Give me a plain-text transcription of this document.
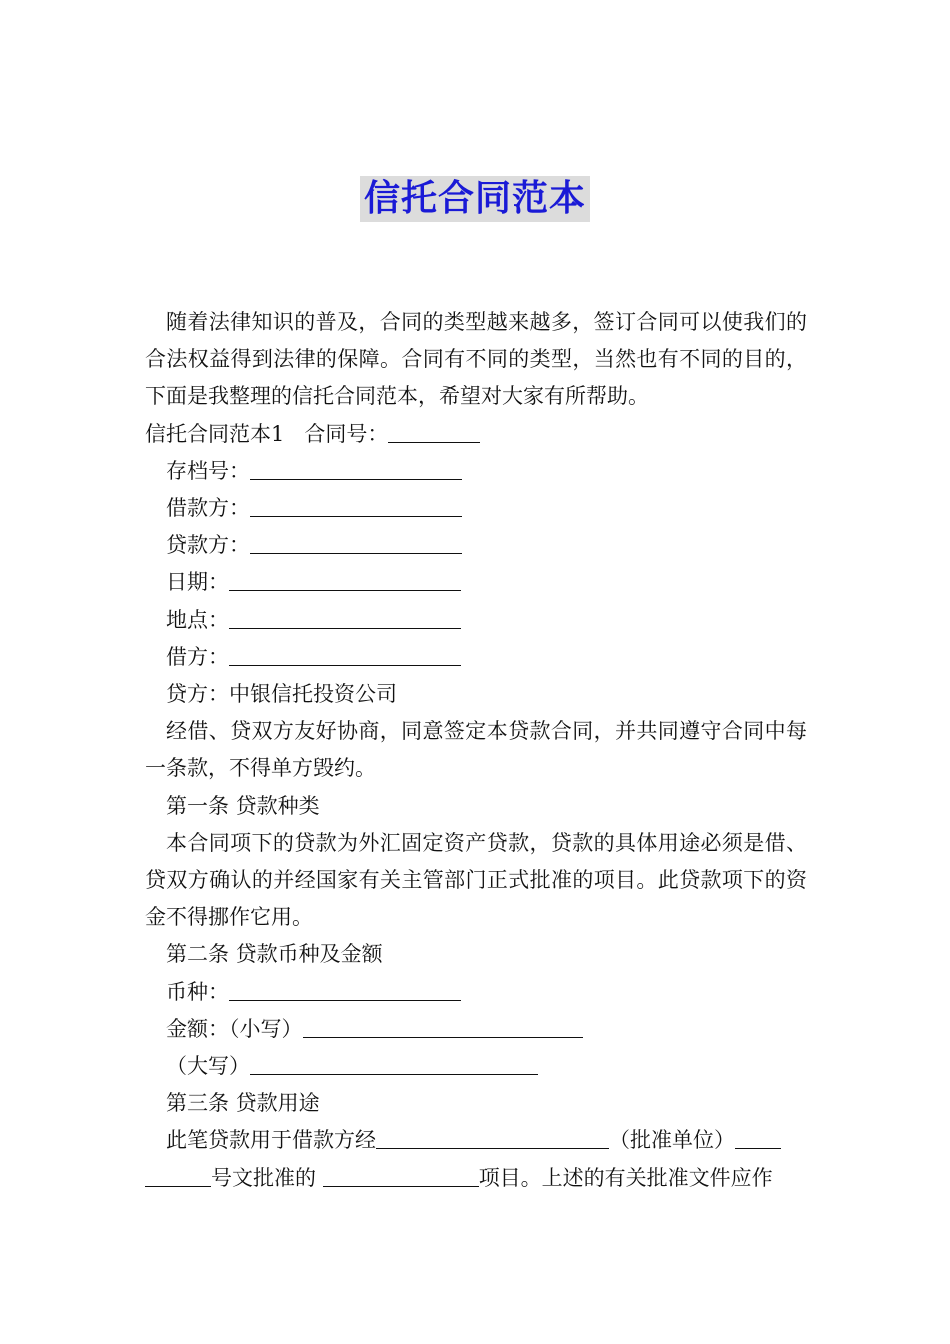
信托合同范本

随着法律知识的普及，合同的类型越来越多，签订合同可以使我们的合法权益得到法律的保障。合同有不同的类型，当然也有不同的目的，下面是我整理的信托合同范本，希望对大家有所帮助。

信托合同范本1 合同号：

存档号：

借款方：

贷款方：

日期：

地点：

借方：

贷方：中银信托投资公司

经借、贷双方友好协商，同意签定本贷款合同，并共同遵守合同中每一条款，不得单方毁约。

第一条 贷款种类

本合同项下的贷款为外汇固定资产贷款，贷款的具体用途必须是借、贷双方确认的并经国家有关主管部门正式批准的项目。此贷款项下的资金不得挪作它用。

第二条 贷款币种及金额

币种：

金额：（小写）

（大写）

第三条 贷款用途

此笔贷款用于借款方经	（批准单位）

号文批准的	项目。上述的有关批准文件应作
